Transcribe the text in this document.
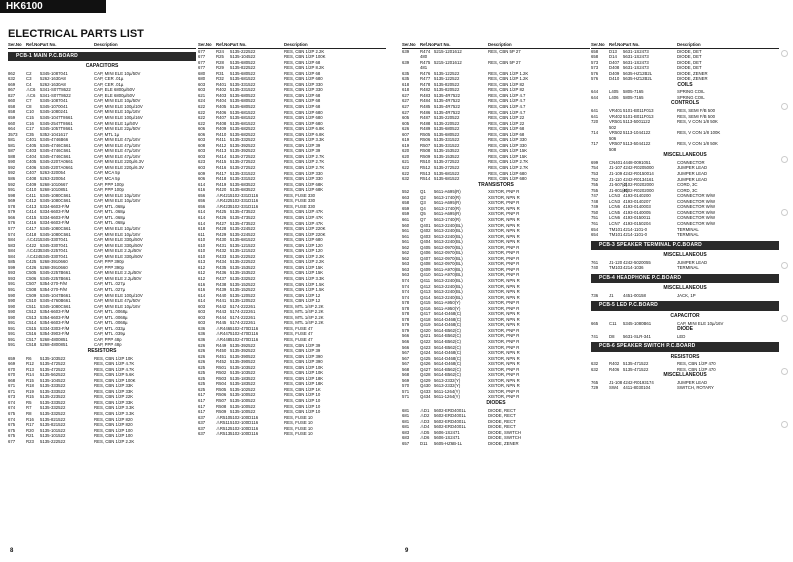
HK6100
ELECTRICAL PARTS LIST
Ser.No	Ref.No.
Part No.	Description
PCB-1 MAIN P.C.BOARD
CAPACITORS
862	C2	5345-1087041	CAP, MINI ELE 10µ/50V
632	C3	5262-1630A8	CAP, CER .01µ
669	C4	5262-1630A8	CAP, CER .01µ
867	⚠C6	5341-S07T8622	CAP, ELE 6800µ/50V
827	⚠C6	5341-S07T8622	CAP, ELE 6800µ/50V
660	C7	5345-1087041	CAP, MINI ELE 10µ/50V
658	C8	5345-1070041	CAP, MINI ELE 100µ/10V
658	C10	5345-1080241	CAP, MINI ELE 10µ/16V
659	C15	5345-1047T8661	CAP, MINI ELE 100µ/16V
660	C16	5345-2547T8661	CAP, MINI ELE 1µ/50V
664	C17	5345-1057T8661	CAP, MINI ELE 22µ/50V
3573	C35	5352-1041617	CAP, MTL 1µ
581	C401 5345-4746B66	CAP, MINI ELE 47µ/16V
581	C405 5345-4746C661	CAP, MINI ELE 47µ/16V
587	C403 5345-4746C661	CAP, MINI ELE 47µ/16V
588	C404 5345-4746C661	CAP, MINI ELE 47µ/16V
590	C405 5345-2207A0661	CAP, MINI ELE 220µ/6.3V
592	C406 5345-2207A0661	CAP, MINI ELE 220µ/6.3V
592	C407 5263-320054	CAP, MCA 5p
586	C408 5263-320054	CAP, MCA 5p
592	C409 5268-1010667	CAP, PPP 100p
591	C410 5268-1010851	CAP, PPP 100p
598	C411 5345-1080C661	CAP, MINI ELE 10µ/16V
569	C412 5345-1080C661	CAP, MINI ELE 10µ/16V
578	C413 5334-6603-F/M	CAP, MTL .068µ
579	C414 5334-6603-F/M	CAP, MTL .068µ
566	C415 5334-6603-F/M	CAP, MTL .068µ
576	C416 5334-6603-F/M	CAP, MTL .068µ
577	C417 5345-1080C661	CAP, MINI ELE 10µ/16V
574	C418 5345-1080C661	CAP, MINI ELE 10µ/16V
584	⚠C421 5345-3307041	CAP, MINI ELE 330µ/50V
583	C422 5345-3307041	CAP, MINI ELE 330µ/50V
584	⚠C423 5345-2257041	CAP, MINI ELE 2.2µ/50V
584	⚠C424 5345-3307041	CAP, MINI ELE 330µ/50V
585	C425 5268-3910660	CAP, PPP 390p
599	C426 5268-3910660	CAP, PPP 390p
593	C505 5345-2257B661	CAP, MINI ELE 2.2µ/50V
593	C506 5345-2257B661	CAP, MINI ELE 2.2µ/50V
591	C507 5354-270-F/M	CAP, MTL .027µ
591	C508 5354-270-F/M	CAP, MTL .027µ
590	C509 5345-1047B661	CAP, MINI ELE 100µ/10V
590	C510 5345-4760B661	CAP, MINI ELE 47µ/50V
590	C511 5345-1080C661	CAP, MINI ELE 10µ/16V
590	C512 5354-6603-F/M	CAP, MTL .0068µ
590	C513 5354-6603-F/M	CAP, MTL .0068µ
591	C514 5354-6603-F/M	CAP, MTL .0068µ
591	C515 5334-3303-F/M	CAP, MTL .033µ
591	C516 5354-3903-F/M	CAP, MTL .039µ
591	C517 5268-4800851	CAP, PPP 48p
591	C518 5268-4800851	CAP, PPP 48p
RESISTORS
659	R6	5135-103522	RES, CBN 1/2P 10K
669	R12	5135-472522	RES, CBN 1/2P 4.7K
670	R13	5135-472522	RES, CBN 1/2P 4.7K
670	R14	5135-562522	RES, CBN 1/2P 5.6K
668	R15	5135-104522	RES, CBN 1/2P 100K
671	R18	5135-333522	RES, CBN 1/2P 33K
671	R19	5135-333522	RES, CBN 1/2P 33K
673	R15	5135-223522	RES, CBN 1/2P 22K
674	R5	5135-333522	RES, CBN 1/2P 33K
674	R7	5135-332522	RES, CBN 1/2P 3.3K
675	R8	5135-332522	RES, CBN 1/2P 3.3K
674	R16	5135-821522	RES, CBN 1/2P 820
675	R17	5135-821522	RES, CBN 1/2P 820
675	R20	5135-101522	RES, CBN 1/2P 100
675	R21	5135-101522	RES, CBN 1/2P 100
677	R23	5135-222522	RES, CBN 1/2P 2.2K
Ser.No	Ref.No.
Part No.	Description
677	R24	5135-222522	RES, CBN 1/2P 2.2K
677	R25	5135-104522	RES, CBN 1/2P 100K
677	R28	5135-680522	RES, CBN 1/2P 68
677	R29	5135-822522	RES, CBN 1/2P 8.2K
680	R31	5135-680522	RES, CBN 1/2P 68
680	R32	5135-681522	RES, CBN 1/2P 680
603	R401 5135-331522	RES, CBN 1/2P 330
603	R402 5135-331522	RES, CBN 1/2P 330
621	R403 5135-680522	RES, CBN 1/2P 68
624	R404 5135-680522	RES, CBN 1/2P 68
622	R405 5135-680522	RES, CBN 1/2P 68
622	R406 5135-681522	RES, CBN 1/2P 680
622	R407 5135-681522	RES, CBN 1/2P 680
622	R408 5135-681522	RES, CBN 1/2P 680
606	R409 5135-682522	RES, CBN 1/2P 6.8K
606	R410 5135-682522	RES, CBN 1/2P 6.8K
603	R411 5135-332522	RES, CBN 1/2P 3.3K
608	R412 5135-392522	RES, CBN 1/2P 39
603	R413 5135-392522	RES, CBN 1/2P 39
603	R414 5135-272522	RES, CBN 1/2P 2.7K
623	R415 5135-272522	RES, CBN 1/2P 2.7K
603	R416 5135-272522	RES, CBN 1/2P 2.7K
609	R417 5135-331522	RES, CBN 1/2P 330
606	R418 5135-331522	RES, CBN 1/2P 330
614	R419 5135-683522	RES, CBN 1/2P 68K
616	R420 5135-683522	RES, CBN 1/2P 68K
656	⚠R421 5102-331D116	RES, FUSE 330
656	⚠R422 5102-331D116	RES, FUSE 330
656	⚠R423 5102-331D116	RES, FUSE 330
614	R425 5135-473522	RES, CBN 1/2P 47K
614	R426 5135-473522	RES, CBN 1/2P 47K
614	R427 5135-473522	RES, CBN 1/2P 47K
618	R428 5135-224522	RES, CBN 1/2P 220K
611	R429 5135-224522	RES, CBN 1/2P 220K
610	R430 5135-681522	RES, CBN 1/2P 680
610	R431 5135-121522	RES, CBN 1/2P 120
610	R432 5135-121522	RES, CBN 1/2P 120
610	R433 5135-222522	RES, CBN 1/2P 2.2K
613	R434 5135-222522	RES, CBN 1/2P 2.2K
612	R435 5135-153522	RES, CBN 1/2P 15K
612	R436 5135-153522	RES, CBN 1/2P 15K
612	R437 5135-332522	RES, CBN 1/2P 3.3K
616	R438 5135-152522	RES, CBN 1/2P 1.5K
616	R439 5135-152522	RES, CBN 1/2P 1.5K
614	R440 5135-120522	RES, CBN 1/2P 12
614	R441 5135-120522	RES, CBN 1/2P 12
603	R442 5174-222261	RES, MTL 1/4P 2.2K
603	R443 5174-222261	RES, MTL 1/4P 2.2K
603	R444 5174-222261	RES, MTL 1/4P 2.2K
603	R445 5174-222261	RES, MTL 1/4P 2.2K
636	⚠R446 5102-470D116	RES, FUSE 47
636	⚠R447 5102-470D116	RES, FUSE 47
636	⚠R448 5102-470D116	RES, FUSE 47
626	R449 5135-392522	RES, CBN 1/2P 39
626	R450 5135-392522	RES, CBN 1/2P 39
626	R451 5135-390522	RES, CBN 1/2P 390
626	R452 5135-390522	RES, CBN 1/2P 390
625	R501 5135-103522	RES, CBN 1/2P 10K
625	R502 5135-103522	RES, CBN 1/2P 10K
625	R503 5135-183522	RES, CBN 1/2P 18K
625	R504 5135-183522	RES, CBN 1/2P 18K
625	R505 5135-102522	RES, CBN 1/2P 1K
617	R506 5135-100522	RES, CBN 1/2P 10
617	R507 5135-100522	RES, CBN 1/2P 10
617	R508 5135-100522	RES, CBN 1/2P 10
617	R509 5135-100522	RES, CBN 1/2P 10
637	⚠R510 5102-100D116	RES, FUSE 10
637	⚠R511 5102-100D116	RES, FUSE 10
637	⚠R512 5102-100D116	RES, FUSE 10
637	⚠R513 5102-100D116	RES, FUSE 10
Ser.No	Ref.No.
Part No.	Description
639	R474 5215-1201612	RES, CBN 5P 27
480
639	R475 5215-1201612	RES, CBN 5P 27
481
635	R476 5135-122522	RES, CBN 1/2P 1.2K
635	R477 5135-122522	RES, CBN 1/2P 1.2K
618	R478 5135-820522	RES, CBN 1/2P 82
618	R482 5135-820522	RES, CBN 1/2P 82
627	R483 5135-4R7522	RES, CBN 1/2P 4.7
627	R484 5135-4R7522	RES, CBN 1/2P 4.7
627	R485 5135-4R7522	RES, CBN 1/2P 4.7
627	R486 5135-4R7522	RES, CBN 1/2P 4.7
605	R487 5135-220522	RES, CBN 1/2P 22
605	R488 5135-220522	RES, CBN 1/2P 22
626	R489 5135-680522	RES, CBN 1/2P 68
607	R505 5135-680522	RES, CBN 1/2P 68
619	R506 5135-331522	RES, CBN 1/2P 330
619	R507 5135-331522	RES, CBN 1/2P 330
620	R508 5135-153522	RES, CBN 1/2P 15K
620	R509 5135-153522	RES, CBN 1/2P 15K
621	R510 5135-272522	RES, CBN 1/2P 2.7K
622	R512 5135-272522	RES, CBN 1/2P 2.7K
622	R513 5135-681522	RES, CBN 1/2P 680
632	R514 5135-681522	RES, CBN 1/2P 680
TRANSISTORS
552	Q1	5611-A695(R)	XISTOR, PNP R
663	Q2	5613-1740(R)	XISTOR, NPN R
658	Q3	5611-A695(R)	XISTOR, PNP R
659	Q4	5613-1740(R)	XISTOR, NPN R
659	Q5	5611-A695(R)	XISTOR, PNP R
661	Q7	5613-1740(R)	XISTOR, NPN R
560	Q401 5613-2240(BL)	XISTOR, NPN R
561	Q402 5613-2240(BL)	XISTOR, NPN R
561	Q403 5613-2240(BL)	XISTOR, NPN R
561	Q404 5613-2240(BL)	XISTOR, NPN R
562	Q405 5612-0970(BL)	XISTOR, PNP R
562	Q406 5612-0970(BL)	XISTOR, PNP R
562	Q407 5612-0970(BL)	XISTOR, PNP R
563	Q408 5612-0970(BL)	XISTOR, PNP R
563	Q409 5611-A970(BL)	XISTOR, PNP R
563	Q410 5611-A970(BL)	XISTOR, PNP R
574	Q411 5613-2240(BL)	XISTOR, NPN R
574	Q412 5613-2240(BL)	XISTOR, NPN R
574	Q413 5613-2240(BL)	XISTOR, NPN R
574	Q414 5613-2240(BL)	XISTOR, NPN R
578	Q415 5611-A950(Y)	XISTOR, PNP R
578	Q416 5611-A950(Y)	XISTOR, PNP R
578	Q417 5614-D468(C)	XISTOR, NPN R
578	Q418 5614-D468(C)	XISTOR, NPN R
579	Q419 5614-D468(C)	XISTOR, NPN R
579	Q420 5614-B562(C)	XISTOR, PNP R
566	Q421 5614-B562(C)	XISTOR, PNP R
566	Q422 5614-B562(C)	XISTOR, PNP R
566	Q423 5614-B562(C)	XISTOR, PNP R
567	Q424 5614-D468(C)	XISTOR, NPN R
567	Q425 5614-D468(C)	XISTOR, NPN R
567	Q426 5614-D468(C)	XISTOR, NPN R
568	Q427 5614-B562(C)	XISTOR, PNP R
568	Q428 5614-B562(C)	XISTOR, PNP R
569	Q429 5613-2332(Y)	XISTOR, NPN R
570	Q430 5613-2332(Y)	XISTOR, NPN R
571	Q433 5611-1264(Y)	XISTOR, PNP R
571	Q434 5611-1264(Y)	XISTOR, PNP R
DIODES
681	⚠D1	5602-ERD4001L	DIODE, RECT
681	⚠D2	5602-ERD4001L	DIODE, RECT
681	⚠D3	5602-ERD4001L	DIODE, RECT
681	⚠D4	5602-ERD4001L	DIODE, RECT
683	⚠D5	5606-1S2471	DIODE, SWITCH
683	⚠D6	5606-1S2471	DIODE, SWITCH
657	D11	5605-HZ6B-1L	DIODE, ZENER
Ser.No	Ref.No.
Part No.	Description
658	D13	5631-1S2473	DIODE, DET
658	D14	5631-1S2473	DIODE, DET
573	D407 5631-1S2473	DIODE, DET
573	D408 5631-1S2473	DIODE, DET
576	D409 5635-HZ12B2L	DIODE, ZENER
576	D410 5635-HZ12B2L	DIODE, ZENER
COILS
644	L405	5805-7165	SPRING COIL
644	L406	5805-7165	SPRING COIL
CONTROLS
641	VR401 5101-B011F013	RES, SEMI F/B 500
641	VR402 5101-B011F013	RES, SEMI F/B 500
720	VR501 5113-5001122	RES, V CON 1/8 50K
502
714	VR502 5113-1044122	RES, V CON 1/8 100K
506
717	VR507 5113-5044122	RES, V CON 1/8 50K
508
MISCELLANEOUS
699	CN401 4448-0091051	CONNECTOR
754	J1-107 4242-R0205000	JUMPER LEAD
753	J1-109 4242-R0150014	JUMPER LEAD
752	J1-110 4242-R0134161	JUMPER LEAD
755	J1-507(J)
4102-R0202000	CORD, 3C
755	J1-801(R)
4102-R0202000	CORD, 3C
747	LCN3 4193-0140200	CONNECTOR W/W
748	LCN3 4193-0140207	CONNECTOR W/W
749	LCN6 4193-0140003	CONNECTOR W/W
750	LCN5 4193-0140005	CONNECTOR W/W
751	LCN6 4193-0150011	CONNECTOR W/W
761	LCN7 4193-0150204	CONNECTOR W/W
654	TM101 4214-1101-0	TERMINAL
654	TM101 4214-1101-0	TERMINAL
PCB-3 SPEAKER TERMINAL P.C.BOARD
MISCELLANEOUS
761	J1-120 4242-5020055	JUMPER LEAD
740	TM103 4214-1036	TERMINAL
PCB-4 HEADPHONE P.C.BOARD
MISCELLANEOUS
736	J1	4451-00158	JACK, 1P
PCB-5 LED P.C.BOARD
CAPACITOR
665	C11	5345-1080B61	CAP, MINI ELE 10µ/16V
DIODE
741	D8	5631-SLR-341	LED
PCB-6 SPEAKER SWITCH P.C.BOARD
RESISTORS
632	R402 5135-471522	RES, CBN 1/2P 470
632	R406 5135-471522	RES, CBN 1/2P 470
MISCELLANEOUS
765	J1-108 4242-R0193174	JUMPER LEAD
729	SW4	4411-8030104	SWITCH, ROTARY
8	9
